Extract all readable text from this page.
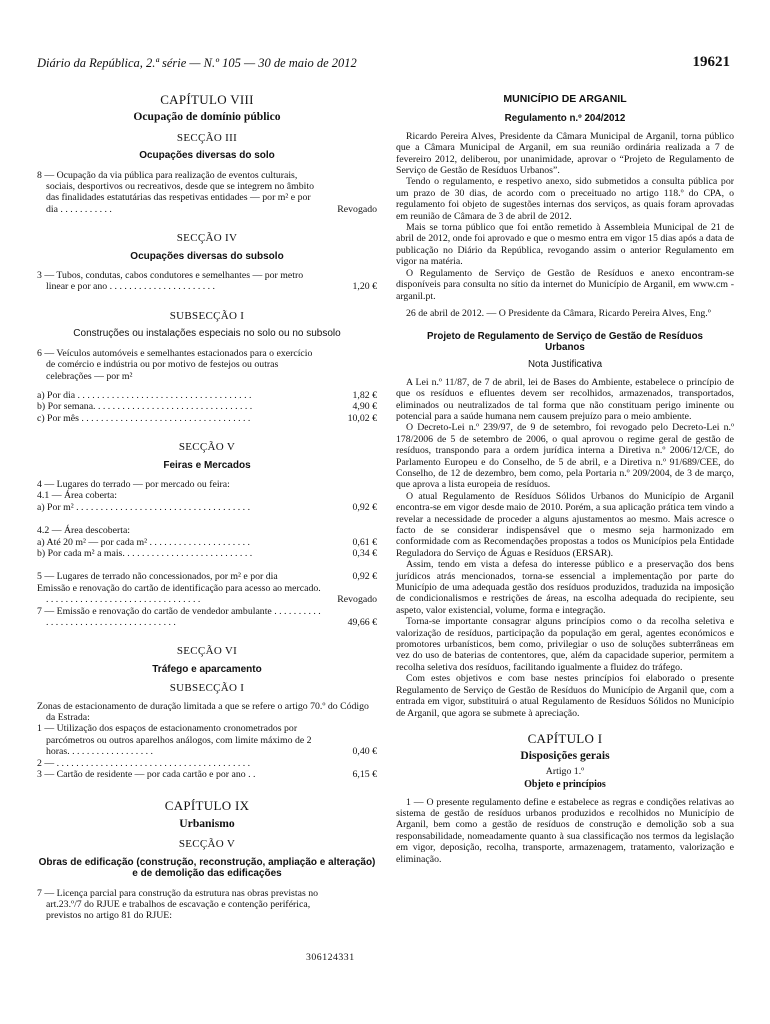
Diário da República, 2.ª série — N.º 105 — 30 de maio de 2012	19621
CAPÍTULO VIII
Ocupação de domínio público
SECÇÃO III
Ocupações diversas do solo
8 — Ocupação da via pública para realização de eventos culturais, sociais, desportivos ou recreativos, desde que se integrem no âmbito das finalidades estatutárias das respetivas entidades — por m² e por dia . . . . . . . . . . .	Revogado
SECÇÃO IV
Ocupações diversas do subsolo
3 — Tubos, condutas, cabos condutores e semelhantes — por metro linear e por ano . . . . . . . . . . . . . . . . . . . . . .	1,20 €
SUBSECÇÃO I
Construções ou instalações especiais no solo ou no subsolo
6 — Veículos automóveis e semelhantes estacionados para o exercício de comércio e indústria ou por motivo de festejos ou outras celebrações — por m²
a) Por dia . . . . . . . . . . . . . . . . . . . . . . . . . . . . . . . . . . . .	1,82 €
b) Por semana. . . . . . . . . . . . . . . . . . . . . . . . . . . . . . . . .	4,90 €
c) Por mês . . . . . . . . . . . . . . . . . . . . . . . . . . . . . . . . . . .	10,02 €
SECÇÃO V
Feiras e Mercados
4 — Lugares do terrado — por mercado ou feira:
4.1 — Área coberta:
a) Por m² . . . . . . . . . . . . . . . . . . . . . . . . . . . . . . . . . . . .	0,92 €
4.2 — Área descoberta:
a) Até 20 m² — por cada m² . . . . . . . . . . . . . . . . . . . . .	0,61 €
b) Por cada m² a mais. . . . . . . . . . . . . . . . . . . . . . . . . . .	0,34 €
5 — Lugares de terrado não concessionados, por m² e por dia	0,92 €
Emissão e renovação do cartão de identificação para acesso ao mercado. . . . . . . . . . . . . . . . . . . . . . . . . . . . . . . . .	Revogado
7 — Emissão e renovação do cartão de vendedor ambulante . . . . . . . . . . . . . . . . . . . . . . . . . . . . . . . . . . . . .	49,66 €
SECÇÃO VI
Tráfego e aparcamento
SUBSECÇÃO I
Zonas de estacionamento de duração limitada a que se refere o artigo 70.º do Código da Estrada:
1 — Utilização dos espaços de estacionamento cronometrados por parcómetros ou outros aparelhos análogos, com limite máximo de 2 horas. . . . . . . . . . . . . . . . . .	0,40 €
2 — . . . . . . . . . . . . . . . . . . . . . . . . . . . . . . . . . . . . . . . .
3 — Cartão de residente — por cada cartão e por ano . .	6,15 €
CAPÍTULO IX
Urbanismo
SECÇÃO V
Obras de edificação (construção, reconstrução, ampliação e alteração) e de demolição das edificações
7 — Licença parcial para construção da estrutura nas obras previstas no art.23.º/7 do RJUE e trabalhos de escavação e contenção periférica, previstos no artigo 81 do RJUE:
306124331
MUNICÍPIO DE ARGANIL
Regulamento n.º 204/2012

Ricardo Pereira Alves, Presidente da Câmara Municipal de Arganil, torna público que a Câmara Municipal de Arganil, em sua reunião ordinária realizada a 7 de fevereiro 2012, deliberou, por unanimidade, aprovar o “Projeto de Regulamento de Serviço de Gestão de Resíduos Urbanos”.

Tendo o regulamento, e respetivo anexo, sido submetidos a consulta pública por um prazo de 30 dias, de acordo com o preceituado no artigo 118.º do CPA, o regulamento foi objeto de sugestões internas dos serviços, as quais foram aprovadas em reunião de Câmara de 3 de abril de 2012.

Mais se torna público que foi então remetido à Assembleia Municipal de 21 de abril de 2012, onde foi aprovado e que o mesmo entra em vigor 15 dias após a data de publicação no Diário da República, revogando assim o anterior Regulamento em vigor na matéria.

O Regulamento de Serviço de Gestão de Resíduos e anexo encontram-se disponíveis para consulta no sítio da internet do Município de Arganil, em www.cm -arganil.pt.

26 de abril de 2012. — O Presidente da Câmara, Ricardo Pereira Alves, Eng.º

Projeto de Regulamento de Serviço de Gestão de Resíduos Urbanos
Nota Justificativa

A Lei n.º 11/87, de 7 de abril, lei de Bases do Ambiente, estabelece o princípio de que os resíduos e efluentes devem ser recolhidos, armazenados, transportados, eliminados ou neutralizados de tal forma que não constituam perigo iminente ou potencial para a saúde humana nem causem prejuízo para o meio ambiente.

O Decreto-Lei n.º 239/97, de 9 de setembro, foi revogado pelo Decreto-Lei n.º 178/2006 de 5 de setembro de 2006, o qual aprovou o regime geral de gestão de resíduos, transpondo para a ordem jurídica interna a Diretiva n.º 2006/12/CE, do Parlamento Europeu e do Conselho, de 5 de abril, e a Diretiva n.º 91/689/CEE, do Conselho, de 12 de dezembro, bem como, pela Portaria n.º 209/2004, de 3 de março, que aprova a lista europeia de resíduos.

O atual Regulamento de Resíduos Sólidos Urbanos do Município de Arganil encontra-se em vigor desde maio de 2010. Porém, a sua aplicação prática tem vindo a revelar a necessidade de proceder a alguns ajustamentos ao mesmo. Mais acresce o facto de se considerar indispensável que o mesmo seja harmonizado em conformidade com as Recomendações propostas a todos os Municípios pela Entidade Reguladora do Serviço de Águas e Resíduos (ERSAR).

Assim, tendo em vista a defesa do interesse público e a preservação dos bens jurídicos atrás mencionados, torna-se essencial a implementação por parte do Município de uma adequada gestão dos resíduos produzidos, traduzida na imposição de condicionalismos e restrições de áreas, na escolha adequada do recipiente, seu aspeto, valor existencial, volume, forma e integração.

Torna-se importante consagrar alguns princípios como o da recolha seletiva e valorização de resíduos, participação da população em geral, agentes económicos e promotores urbanísticos, bem como, privilegiar o uso de soluções subterrâneas em vez do uso de baterias de contentores, que, além da capacidade superior, permitem a recolha seletiva dos resíduos, facilitando igualmente a fluidez do tráfego.

Com estes objetivos e com base nestes princípios foi elaborado o presente Regulamento de Serviço de Gestão de Resíduos do Município de Arganil que, com a entrada em vigor, substituirá o atual Regulamento de Resíduos Sólidos no Município de Arganil, que agora se submete à apreciação.

CAPÍTULO I
Disposições gerais
Artigo 1.º
Objeto e princípios

1 — O presente regulamento define e estabelece as regras e condições relativas ao sistema de gestão de resíduos urbanos produzidos e recolhidos no Município de Arganil, bem como a gestão de resíduos de construção e demolição sob a sua responsabilidade, nomeadamente quanto à sua classificação nos termos da legislação em vigor, deposição, recolha, transporte, armazenagem, tratamento, valorização e eliminação.
